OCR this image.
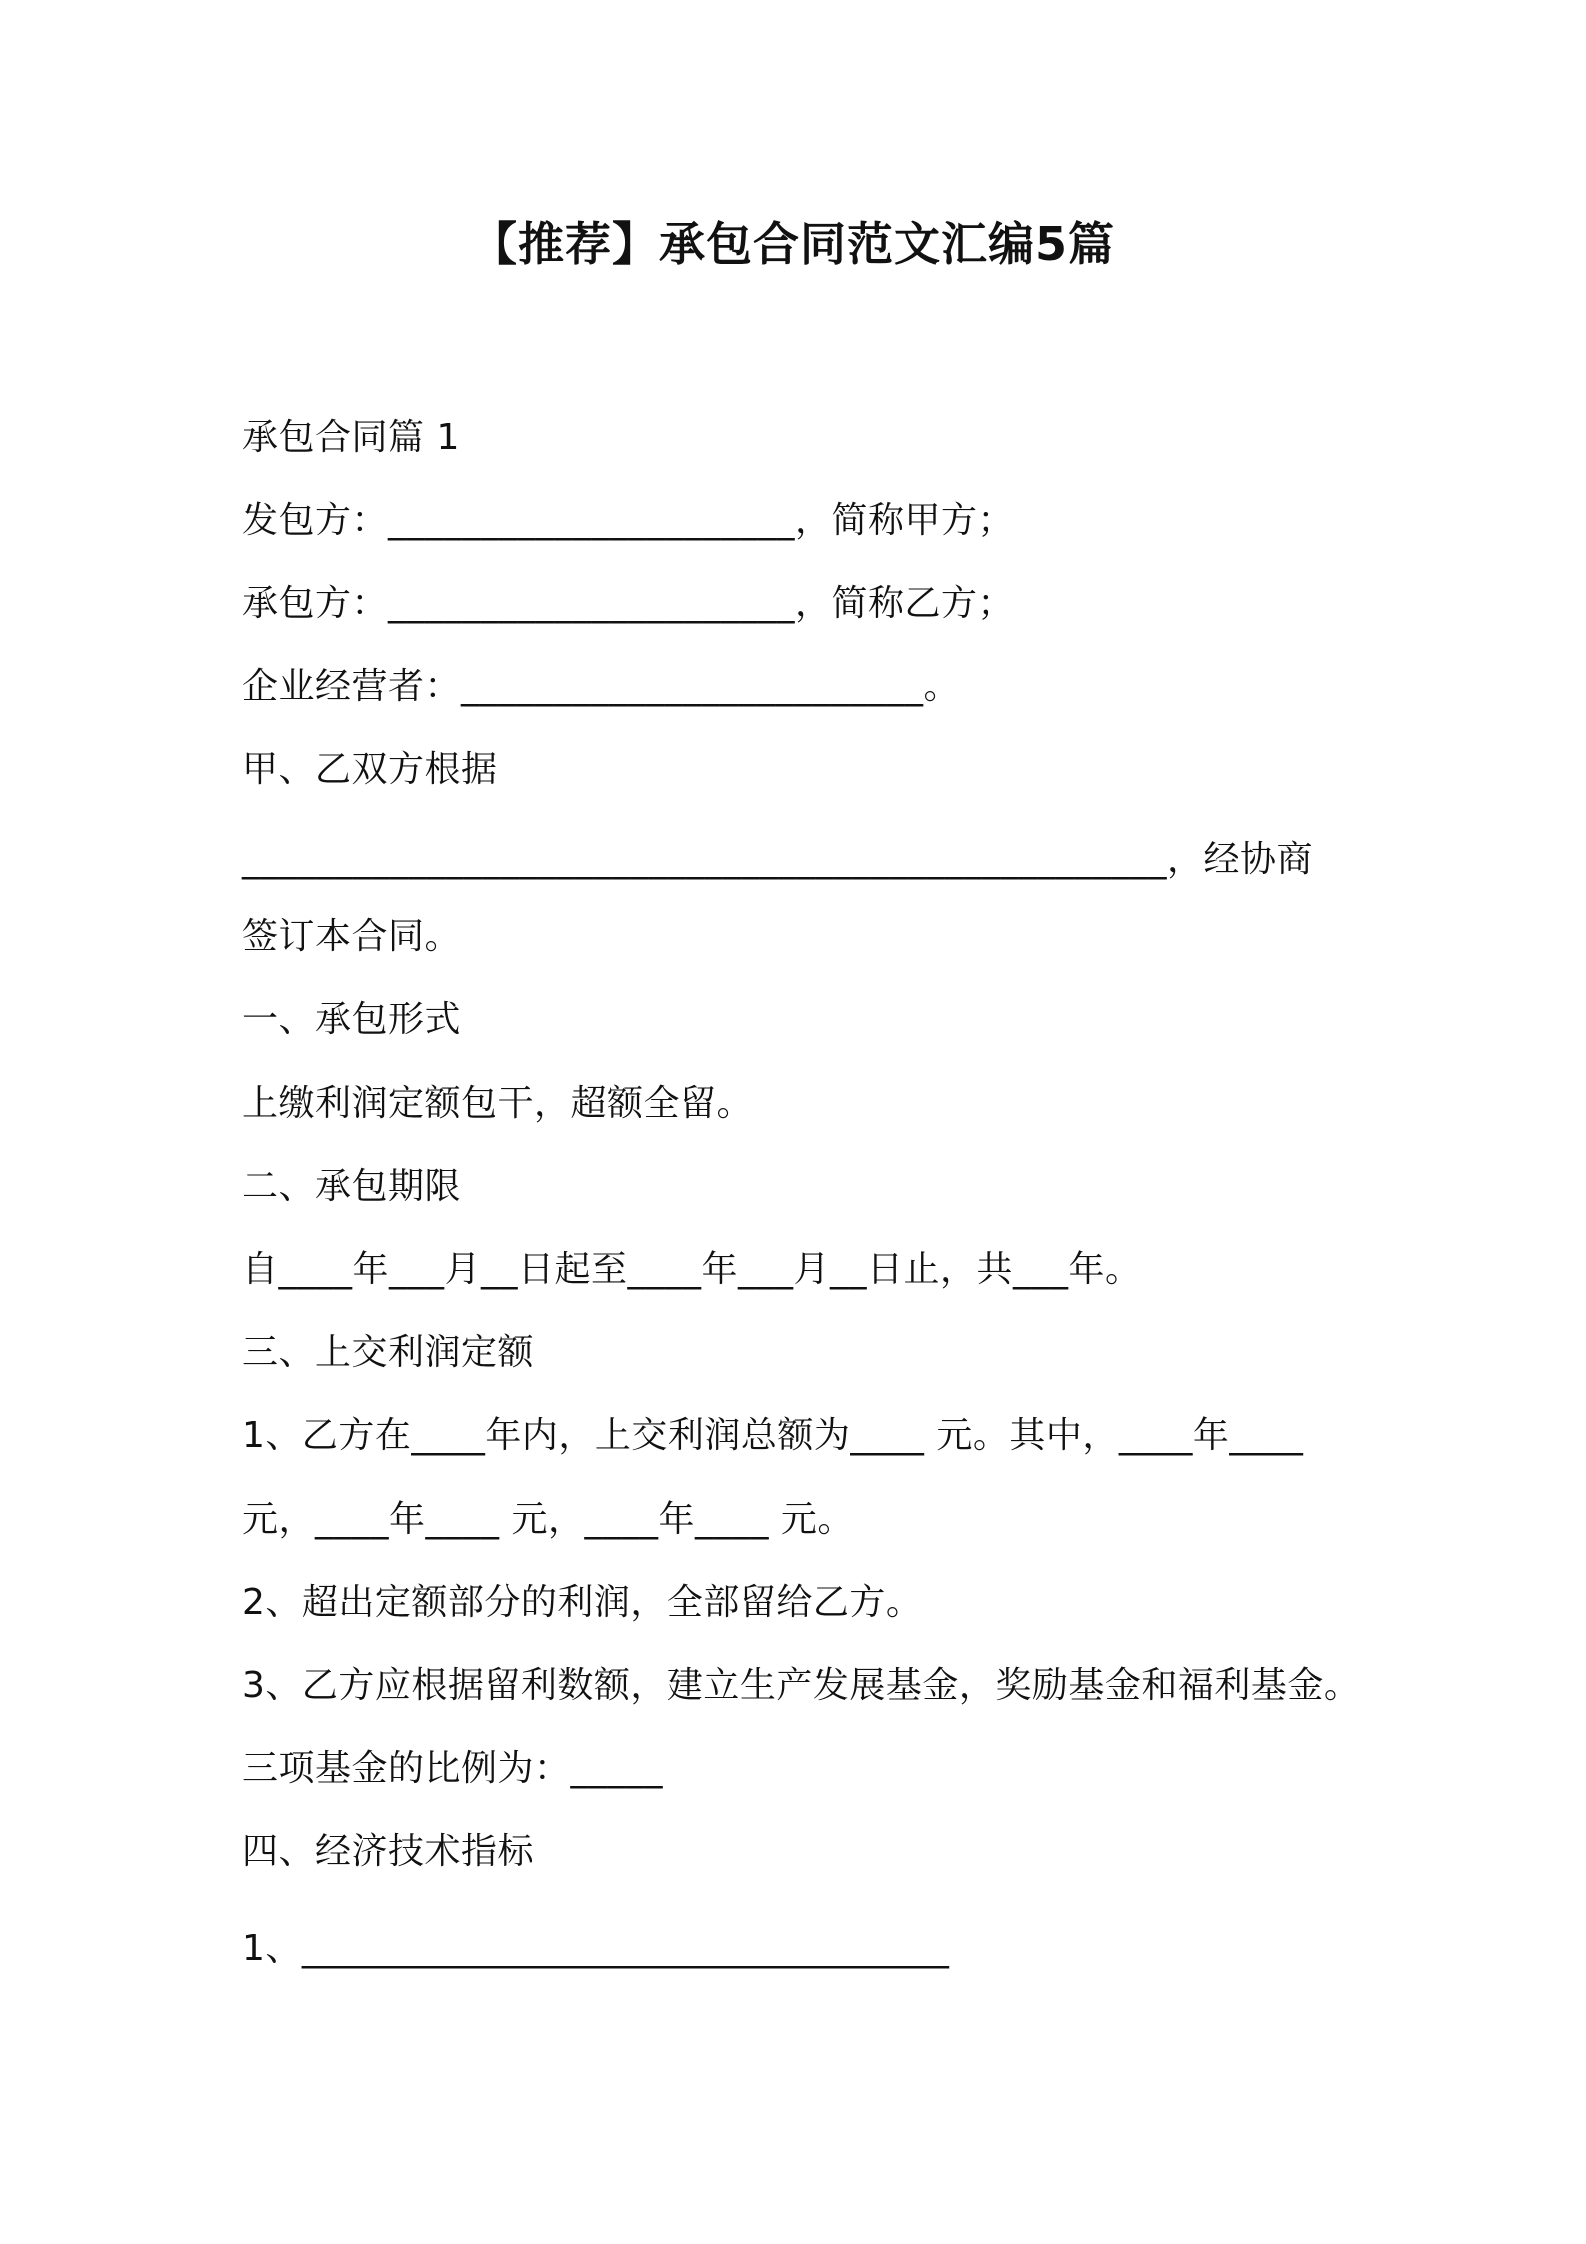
【推荐】承包合同范文汇编5篇
承包合同篇 1
发包方：______________________，简称甲方；
承包方：______________________，简称乙方；
企业经营者：_________________________。
甲、乙双方根据
__________________________________________________，经协商
签订本合同。
一、承包形式
上缴利润定额包干，超额全留。
二、承包期限
自____年___月__日起至____年___月__日止，共___年。
三、上交利润定额
1、乙方在____年内，上交利润总额为____ 元。其中，____年____
元，____年____ 元，____年____ 元。
2、超出定额部分的利润，全部留给乙方。
3、乙方应根据留利数额，建立生产发展基金，奖励基金和福利基金。
三项基金的比例为：_____
四、经济技术指标
1、___________________________________
